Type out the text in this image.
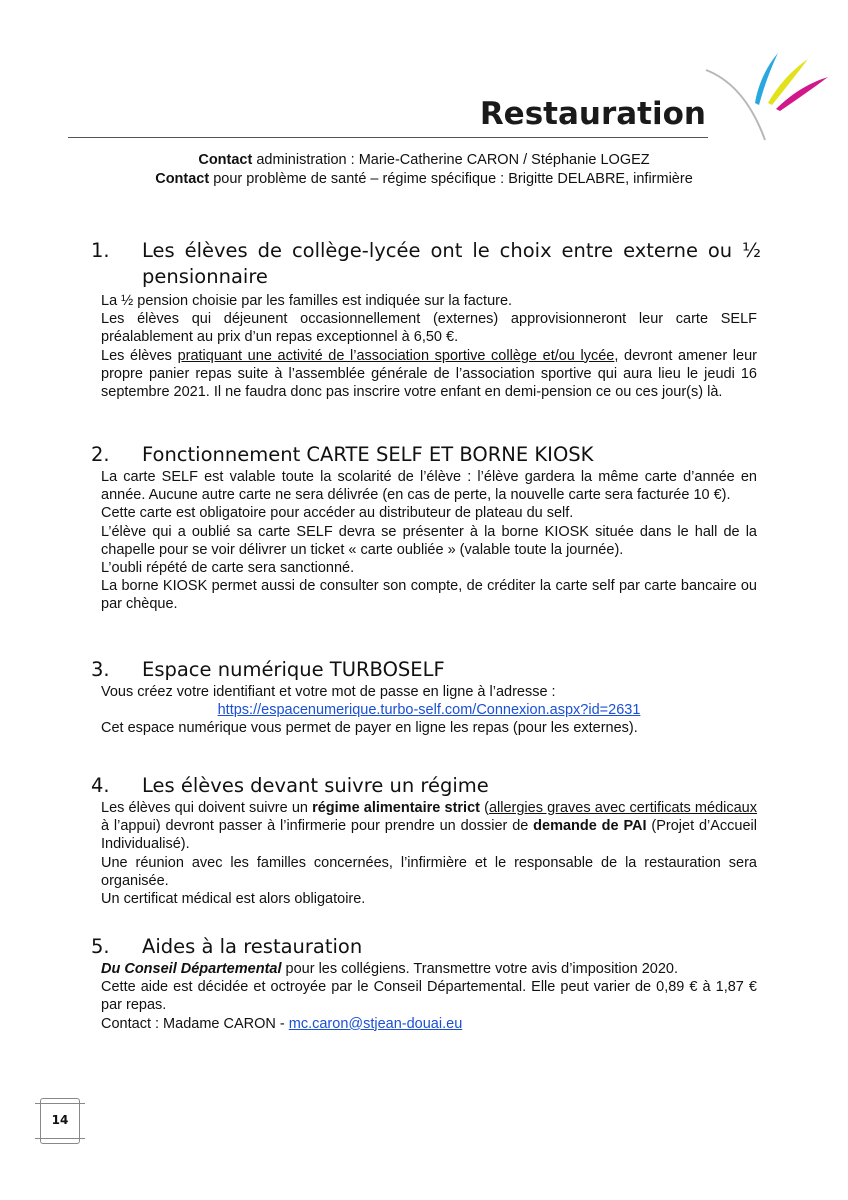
Restauration
Contact administration : Marie-Catherine CARON / Stéphanie LOGEZ
Contact pour problème de santé – régime spécifique : Brigitte DELABRE, infirmière
1. Les élèves de collège-lycée ont le choix entre externe ou ½
pensionnaire

La ½ pension choisie par les familles est indiquée sur la facture.

Les élèves qui déjeunent occasionnellement (externes) approvisionneront leur carte SELF préalablement au prix d’un repas exceptionnel à 6,50 €.

Les élèves pratiquant une activité de l’association sportive collège et/ou lycée, devront amener leur propre panier repas suite à l’assemblée générale de l’association sportive qui aura lieu le jeudi 16 septembre 2021. Il ne faudra donc pas inscrire votre enfant en demi-pension ce ou ces jour(s) là.

2. Fonctionnement CARTE SELF ET BORNE KIOSK

La carte SELF est valable toute la scolarité de l’élève : l’élève gardera la même carte d’année en année. Aucune autre carte ne sera délivrée (en cas de perte, la nouvelle carte sera facturée 10 €).

Cette carte est obligatoire pour accéder au distributeur de plateau du self.

L’élève qui a oublié sa carte SELF devra se présenter à la borne KIOSK située dans le hall de la chapelle pour se voir délivrer un ticket « carte oubliée » (valable toute la journée).

L’oubli répété de carte sera sanctionné.

La borne KIOSK permet aussi de consulter son compte, de créditer la carte self par carte bancaire ou par chèque.

3. Espace numérique TURBOSELF

Vous créez votre identifiant et votre mot de passe en ligne à l’adresse :

https://espacenumerique.turbo-self.com/Connexion.aspx?id=2631

Cet espace numérique vous permet de payer en ligne les repas (pour les externes).

4. Les élèves devant suivre un régime

Les élèves qui doivent suivre un régime alimentaire strict (allergies graves avec certificats médicaux à l’appui) devront passer à l’infirmerie pour prendre un dossier de demande de PAI (Projet d’Accueil Individualisé).

Une réunion avec les familles concernées, l’infirmière et le responsable de la restauration sera organisée.

Un certificat médical est alors obligatoire.

5. Aides à la restauration

Du Conseil Départemental pour les collégiens. Transmettre votre avis d’imposition 2020.

Cette aide est décidée et octroyée par le Conseil Départemental. Elle peut varier de 0,89 € à 1,87 € par repas.

Contact : Madame CARON - mc.caron@stjean-douai.eu

14
